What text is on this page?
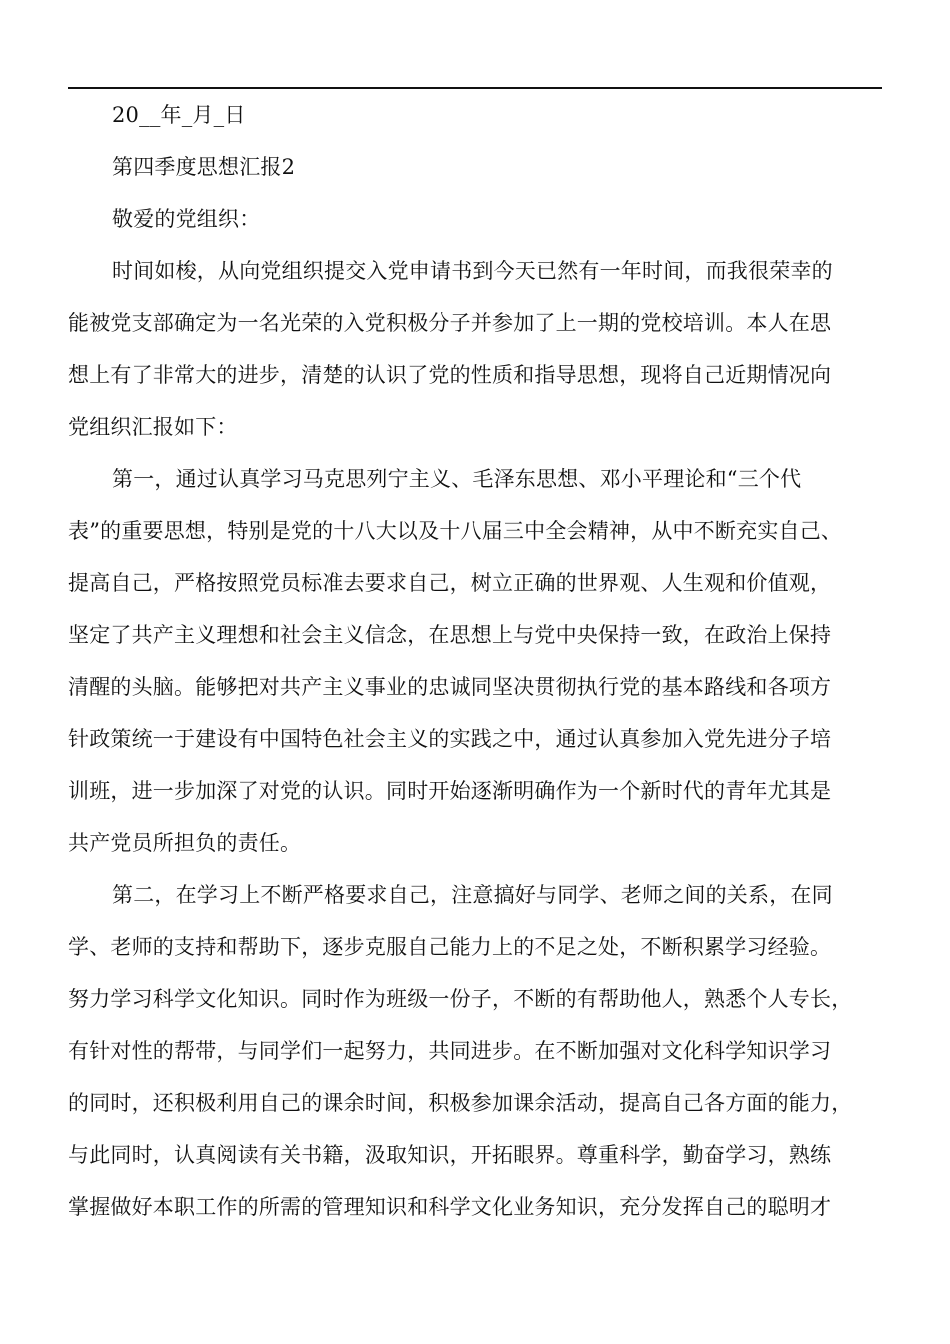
20__年_月_日
第四季度思想汇报2
敬爱的党组织：
时间如梭，从向党组织提交入党申请书到今天已然有一年时间，而我很荣幸的
能被党支部确定为一名光荣的入党积极分子并参加了上一期的党校培训。本人在思
想上有了非常大的进步，清楚的认识了党的性质和指导思想，现将自己近期情况向
党组织汇报如下：
第一，通过认真学习马克思列宁主义、毛泽东思想、邓小平理论和“三个代
表”的重要思想，特别是党的十八大以及十八届三中全会精神，从中不断充实自己、
提高自己，严格按照党员标准去要求自己，树立正确的世界观、人生观和价值观，
坚定了共产主义理想和社会主义信念，在思想上与党中央保持一致，在政治上保持
清醒的头脑。能够把对共产主义事业的忠诚同坚决贯彻执行党的基本路线和各项方
针政策统一于建设有中国特色社会主义的实践之中，通过认真参加入党先进分子培
训班，进一步加深了对党的认识。同时开始逐渐明确作为一个新时代的青年尤其是
共产党员所担负的责任。
第二，在学习上不断严格要求自己，注意搞好与同学、老师之间的关系，在同
学、老师的支持和帮助下，逐步克服自己能力上的不足之处，不断积累学习经验。
努力学习科学文化知识。同时作为班级一份子，不断的有帮助他人，熟悉个人专长，
有针对性的帮带，与同学们一起努力，共同进步。在不断加强对文化科学知识学习
的同时，还积极利用自己的课余时间，积极参加课余活动，提高自己各方面的能力，
与此同时，认真阅读有关书籍，汲取知识，开拓眼界。尊重科学，勤奋学习，熟练
掌握做好本职工作的所需的管理知识和科学文化业务知识，充分发挥自己的聪明才
